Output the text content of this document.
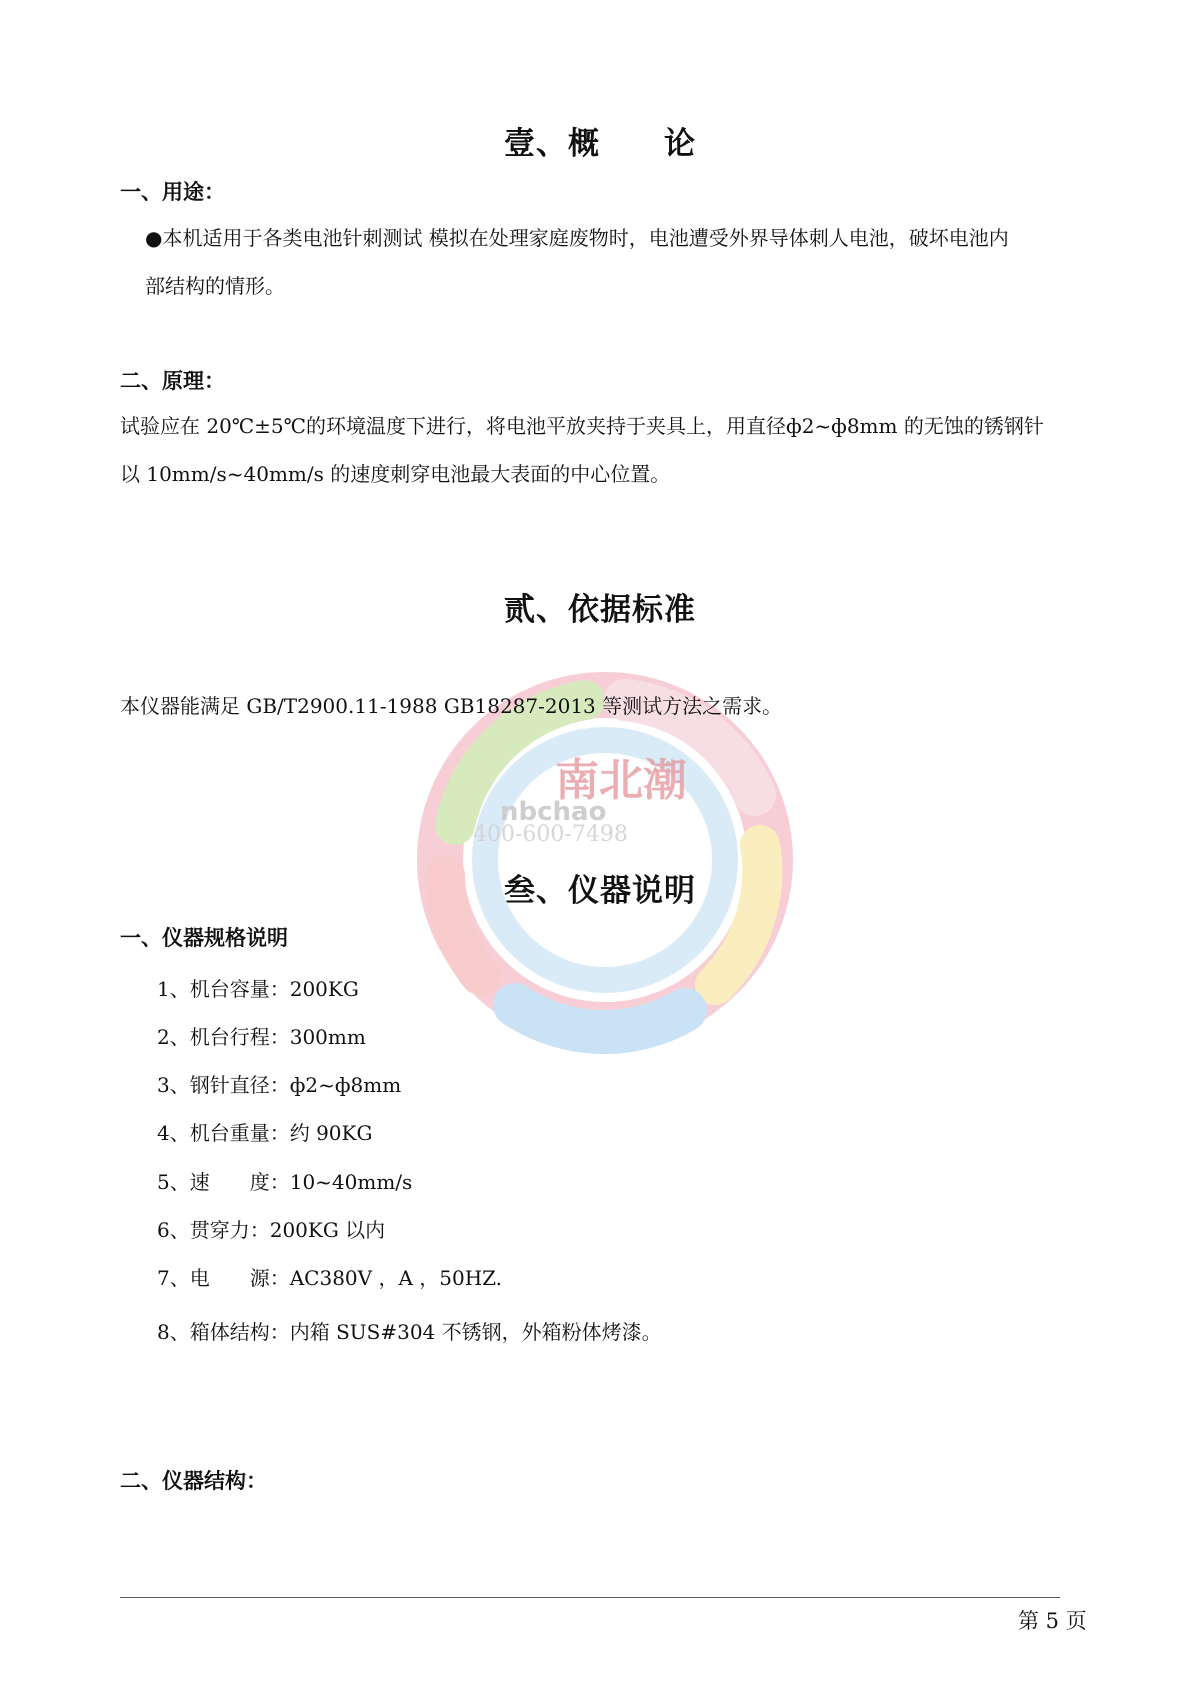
南北潮
nbchao
400-600-7498
壹、概　　论
一、用途：
●本机适用于各类电池针刺测试 模拟在处理家庭废物时，电池遭受外界导体刺人电池，破坏电池内
部结构的情形。
二、原理：
试验应在 20℃±5℃的环境温度下进行，将电池平放夹持于夹具上，用直径ф2~ф8mm 的无蚀的锈钢针
以 10mm/s~40mm/s 的速度刺穿电池最大表面的中心位置。
贰、依据标准
本仪器能满足 GB/T2900.11-1988 GB18287-2013 等测试方法之需求。
叁、仪器说明
一、仪器规格说明
1、机台容量：200KG
2、机台行程：300mm
3、钢针直径：ф2~ф8mm
4、机台重量：约 90KG
5、速　　度：10~40mm/s
6、贯穿力：200KG 以内
7、电　　源：AC380V ，A ，50HZ.
8、箱体结构：内箱 SUS#304 不锈钢，外箱粉体烤漆。
二、仪器结构：
第 5 页
